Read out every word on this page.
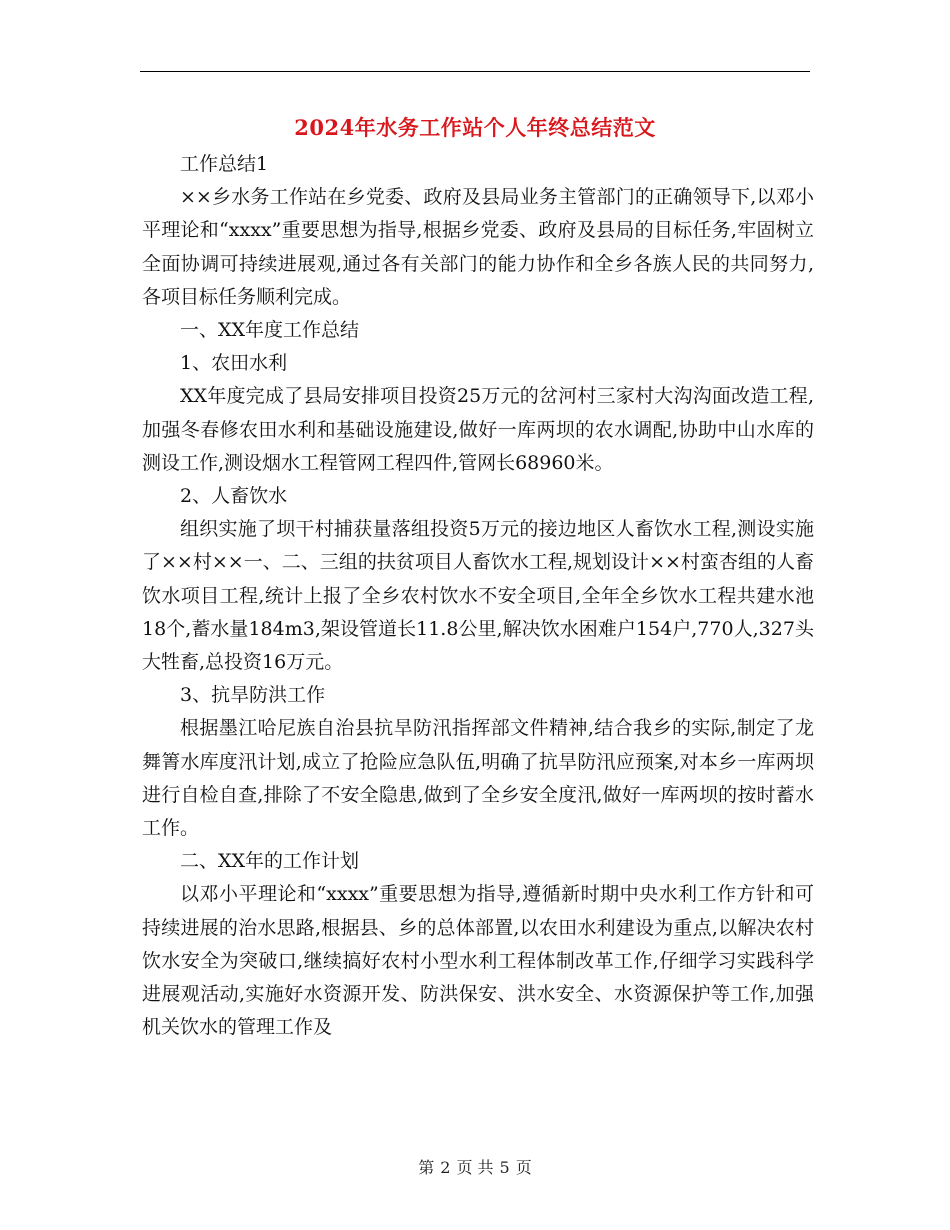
2024年水务工作站个人年终总结范文

工作总结1

××乡水务工作站在乡党委、政府及县局业务主管部门的正确领导下,以邓小平理论和“xxxx”重要思想为指导,根据乡党委、政府及县局的目标任务,牢固树立全面协调可持续进展观,通过各有关部门的能力协作和全乡各族人民的共同努力,各项目标任务顺利完成。

一、XX年度工作总结

1、农田水利

XX年度完成了县局安排项目投资25万元的岔河村三家村大沟沟面改造工程,加强冬春修农田水利和基础设施建设,做好一库两坝的农水调配,协助中山水库的测设工作,测设烟水工程管网工程四件,管网长68960米。

2、人畜饮水

组织实施了坝干村捕获量落组投资5万元的接边地区人畜饮水工程,测设实施了××村××一、二、三组的扶贫项目人畜饮水工程,规划设计××村蛮杏组的人畜饮水项目工程,统计上报了全乡农村饮水不安全项目,全年全乡饮水工程共建水池18个,蓄水量184m3,架设管道长11.8公里,解决饮水困难户154户,770人,327头大牲畜,总投资16万元。

3、抗旱防洪工作

根据墨江哈尼族自治县抗旱防汛指挥部文件精神,结合我乡的实际,制定了龙舞箐水库度汛计划,成立了抢险应急队伍,明确了抗旱防汛应预案,对本乡一库两坝进行自检自查,排除了不安全隐患,做到了全乡安全度汛,做好一库两坝的按时蓄水工作。

二、XX年的工作计划

以邓小平理论和“xxxx”重要思想为指导,遵循新时期中央水利工作方针和可持续进展的治水思路,根据县、乡的总体部置,以农田水利建设为重点,以解决农村饮水安全为突破口,继续搞好农村小型水利工程体制改革工作,仔细学习实践科学进展观活动,实施好水资源开发、防洪保安、洪水安全、水资源保护等工作,加强机关饮水的管理工作及

第 2 页 共 5 页
